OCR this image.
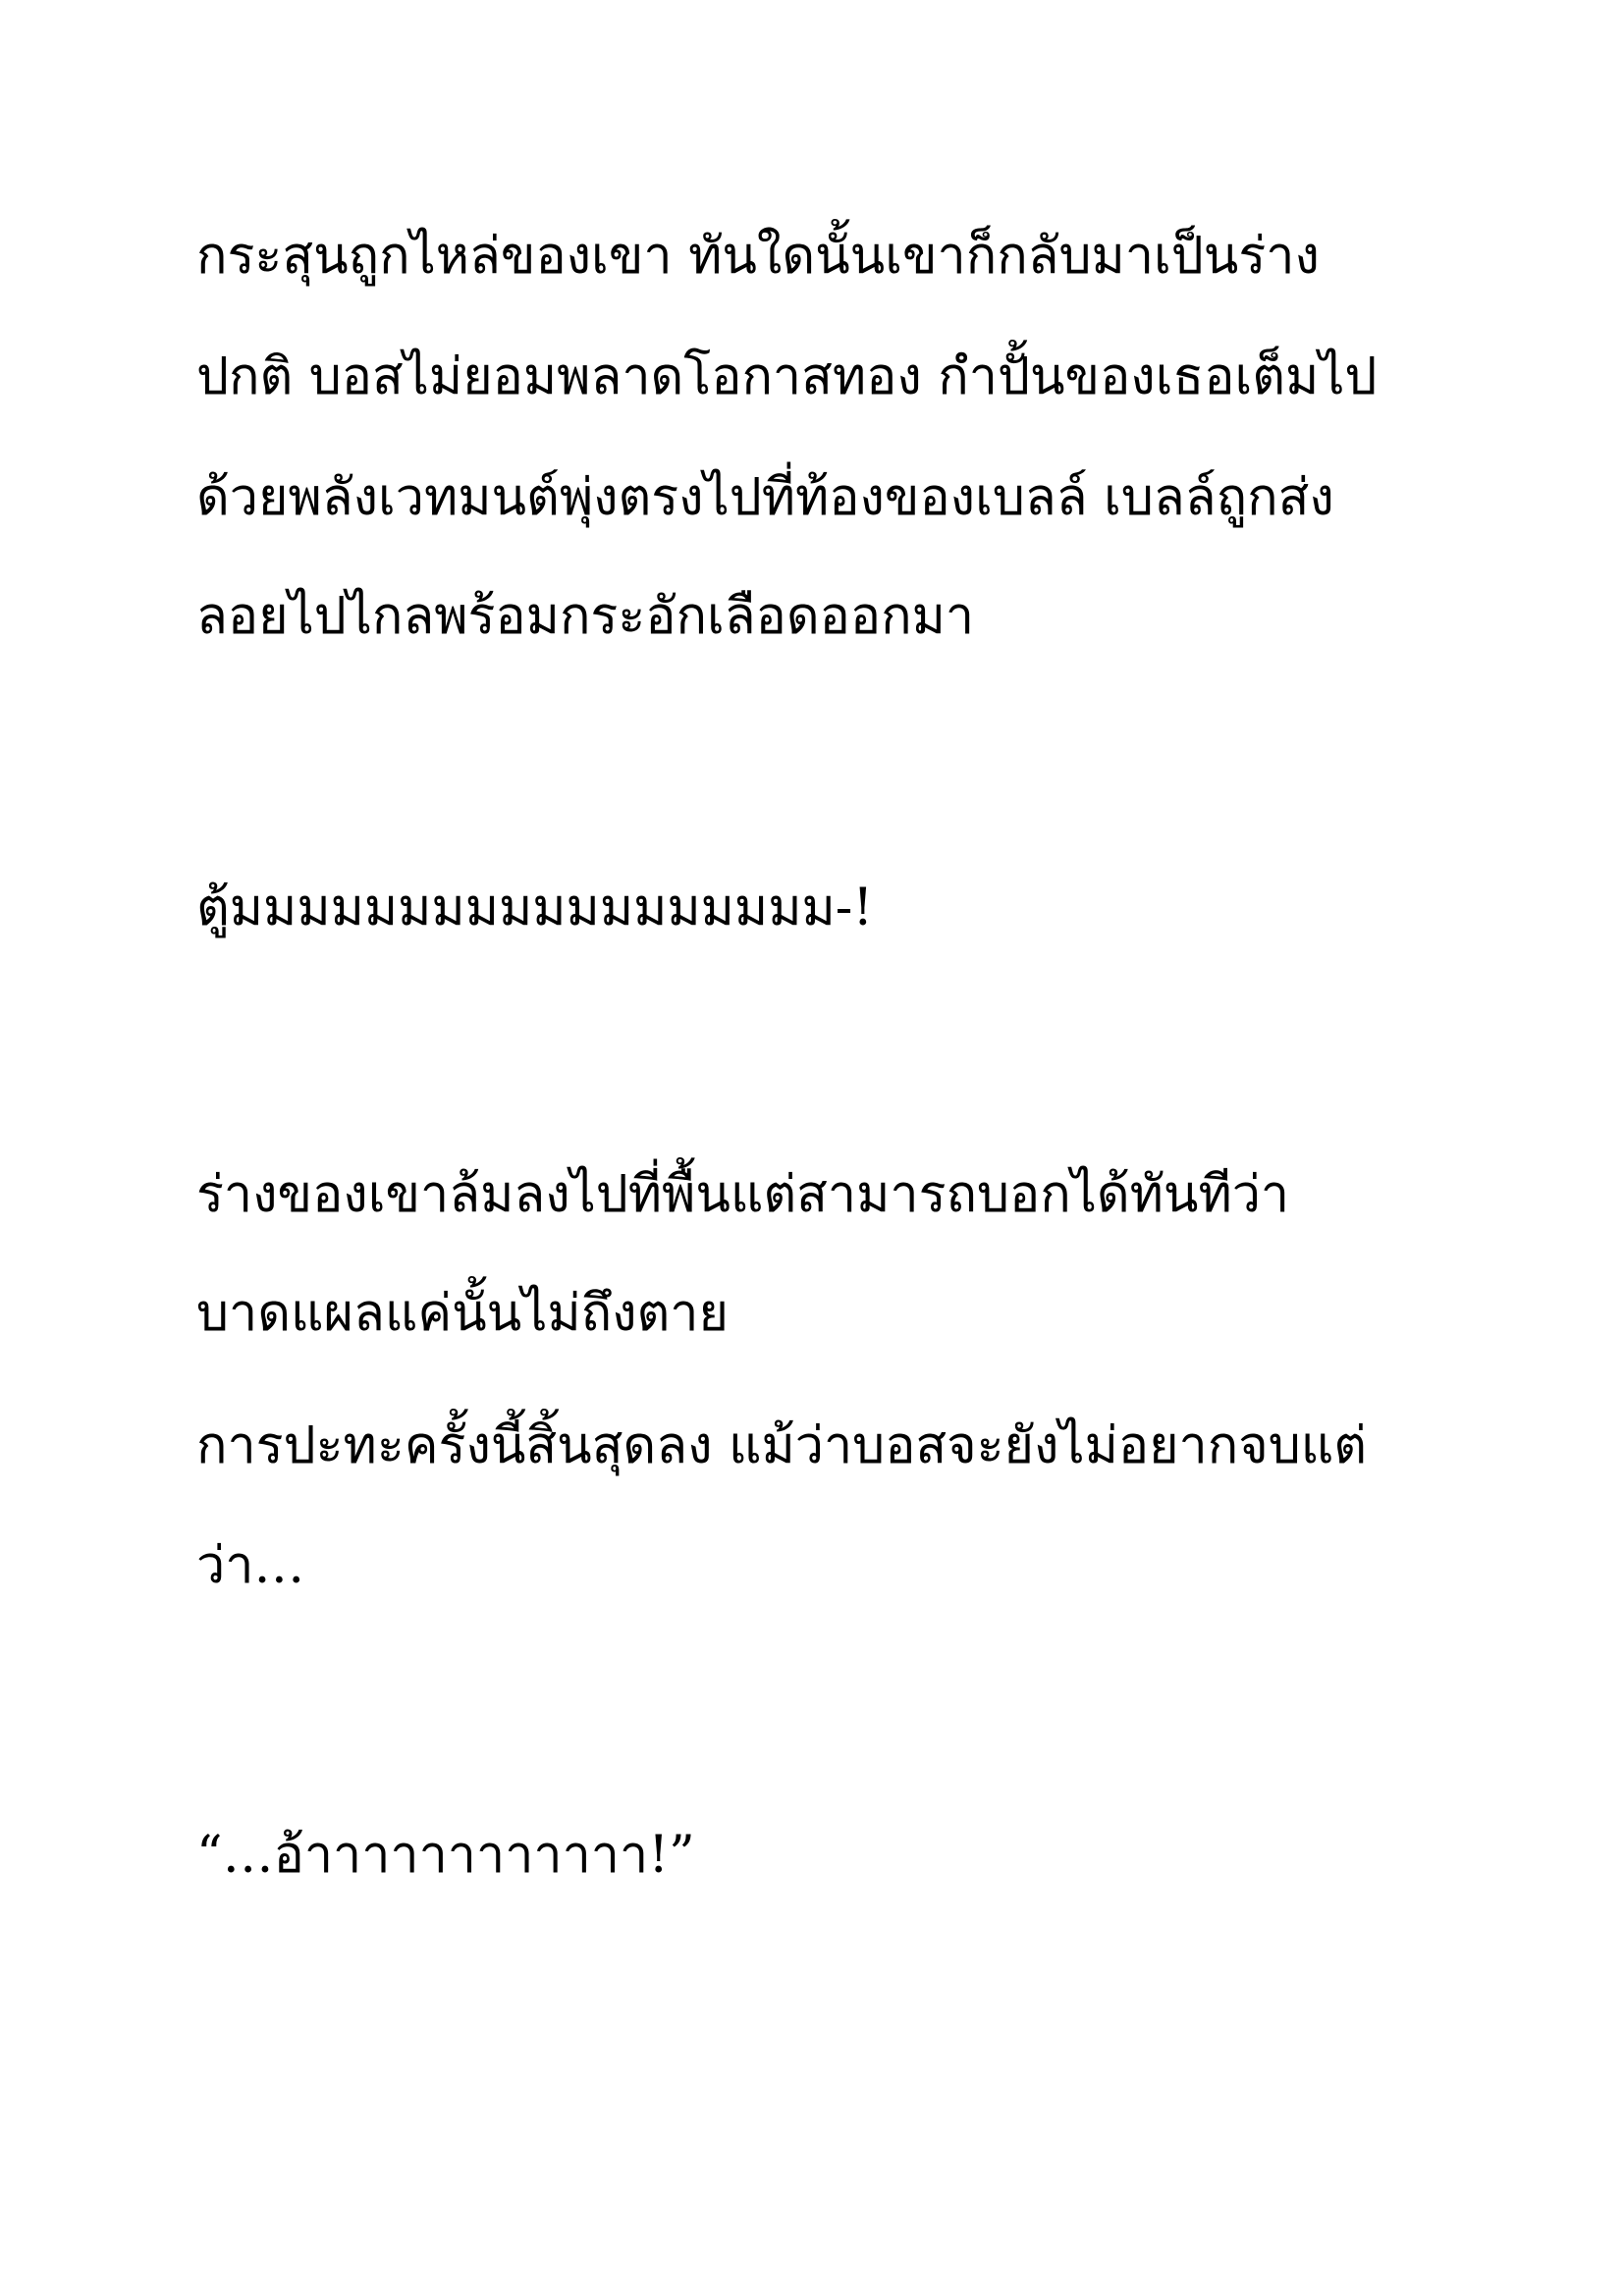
กระสุนถูกไหล่ของเขา ทันใดนั้นเขาก็กลับมาเป็นร่าง

ปกติ บอสไม่ยอมพลาดโอกาสทอง กำปั้นของเธอเต็มไป

ด้วยพลังเวทมนต์พุ่งตรงไปที่ท้องของเบลล์ เบลล์ถูกส่ง

ลอยไปไกลพร้อมกระอักเลือดออกมา

ตู้มมมมมมมมมมมมมมมมมม-!

ร่างของเขาล้มลงไปที่พื้นแต่สามารถบอกได้ทันทีว่า

บาดแผลแค่นั้นไม่ถึงตาย

การปะทะครั้งนี้สิ้นสุดลง แม้ว่าบอสจะยังไม่อยากจบแต่

ว่า…

“…อ้าาาาาาาาาาาา!”
